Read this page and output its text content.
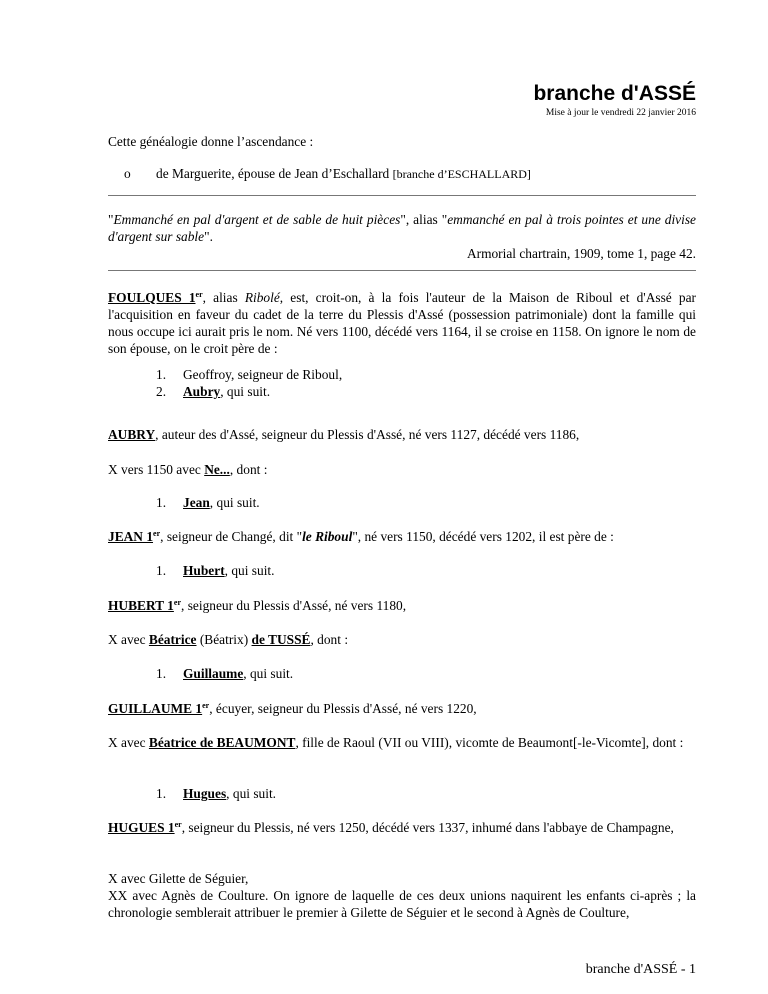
branche d'ASSÉ
Mise à jour le vendredi 22 janvier 2016
Cette généalogie donne l’ascendance :
o de Marguerite, épouse de Jean d’Eschallard [branche d’ESCHALLARD]
"Emmanché en pal d'argent et de sable de huit pièces", alias "emmanché en pal à trois pointes et une divise d'argent sur sable".
Armorial chartrain, 1909, tome 1, page 42.

FOULQUES 1er, alias Ribolé, est, croit-on, à la fois l'auteur de la Maison de Riboul et d'Assé par l'acquisition en faveur du cadet de la terre du Plessis d'Assé (possession patrimoniale) dont la famille qui nous occupe ici aurait pris le nom. Né vers 1100, décédé vers 1164, il se croise en 1158. On ignore le nom de son épouse, on le croit père de :

1. Geoffroy, seigneur de Riboul,
2. Aubry, qui suit.

AUBRY, auteur des d'Assé, seigneur du Plessis d'Assé, né vers 1127, décédé vers 1186,

X vers 1150 avec Ne..., dont :

1. Jean, qui suit.

JEAN 1er, seigneur de Changé, dit "le Riboul", né vers 1150, décédé vers 1202, il est père de :

1. Hubert, qui suit.

HUBERT 1er, seigneur du Plessis d'Assé, né vers 1180,

X avec Béatrice (Béatrix) de TUSSÉ, dont :

1. Guillaume, qui suit.

GUILLAUME 1er, écuyer, seigneur du Plessis d'Assé, né vers 1220,

X avec Béatrice de BEAUMONT, fille de Raoul (VII ou VIII), vicomte de Beaumont[-le-Vicomte], dont :

1. Hugues, qui suit.

HUGUES 1er, seigneur du Plessis, né vers 1250, décédé vers 1337, inhumé dans l'abbaye de Champagne,

X avec Gilette de Séguier,
XX avec Agnès de Coulture. On ignore de laquelle de ces deux unions naquirent les enfants ci-après ; la chronologie semblerait attribuer le premier à Gilette de Séguier et le second à Agnès de Coulture,

branche d'ASSÉ - 1
